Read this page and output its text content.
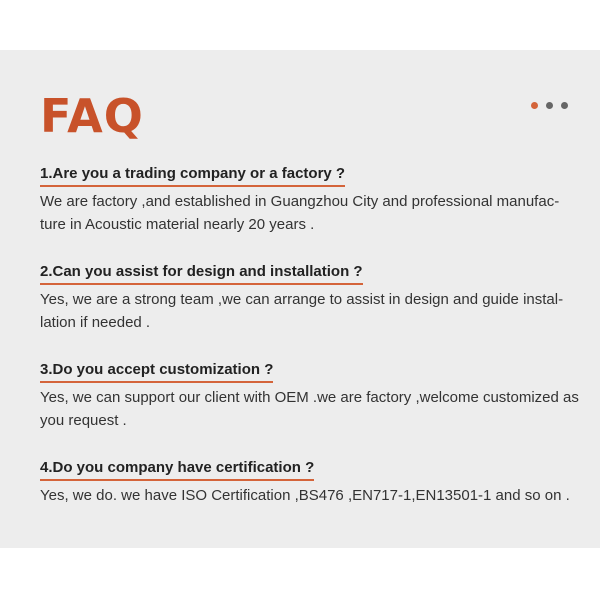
FAQ

1.Are you a trading company or a factory ?

We are factory ,and established in Guangzhou City and professional manufac-ture in Acoustic material nearly 20 years .

2.Can you assist for design and installation ?

Yes, we are a strong team ,we can arrange to assist in design and guide instal-lation if needed .

3.Do you accept customization ?

Yes, we can support our client with OEM .we are factory ,welcome customized as you request .

4.Do you company have certification ?

Yes, we do. we have ISO Certification ,BS476 ,EN717-1,EN13501-1 and so on .
